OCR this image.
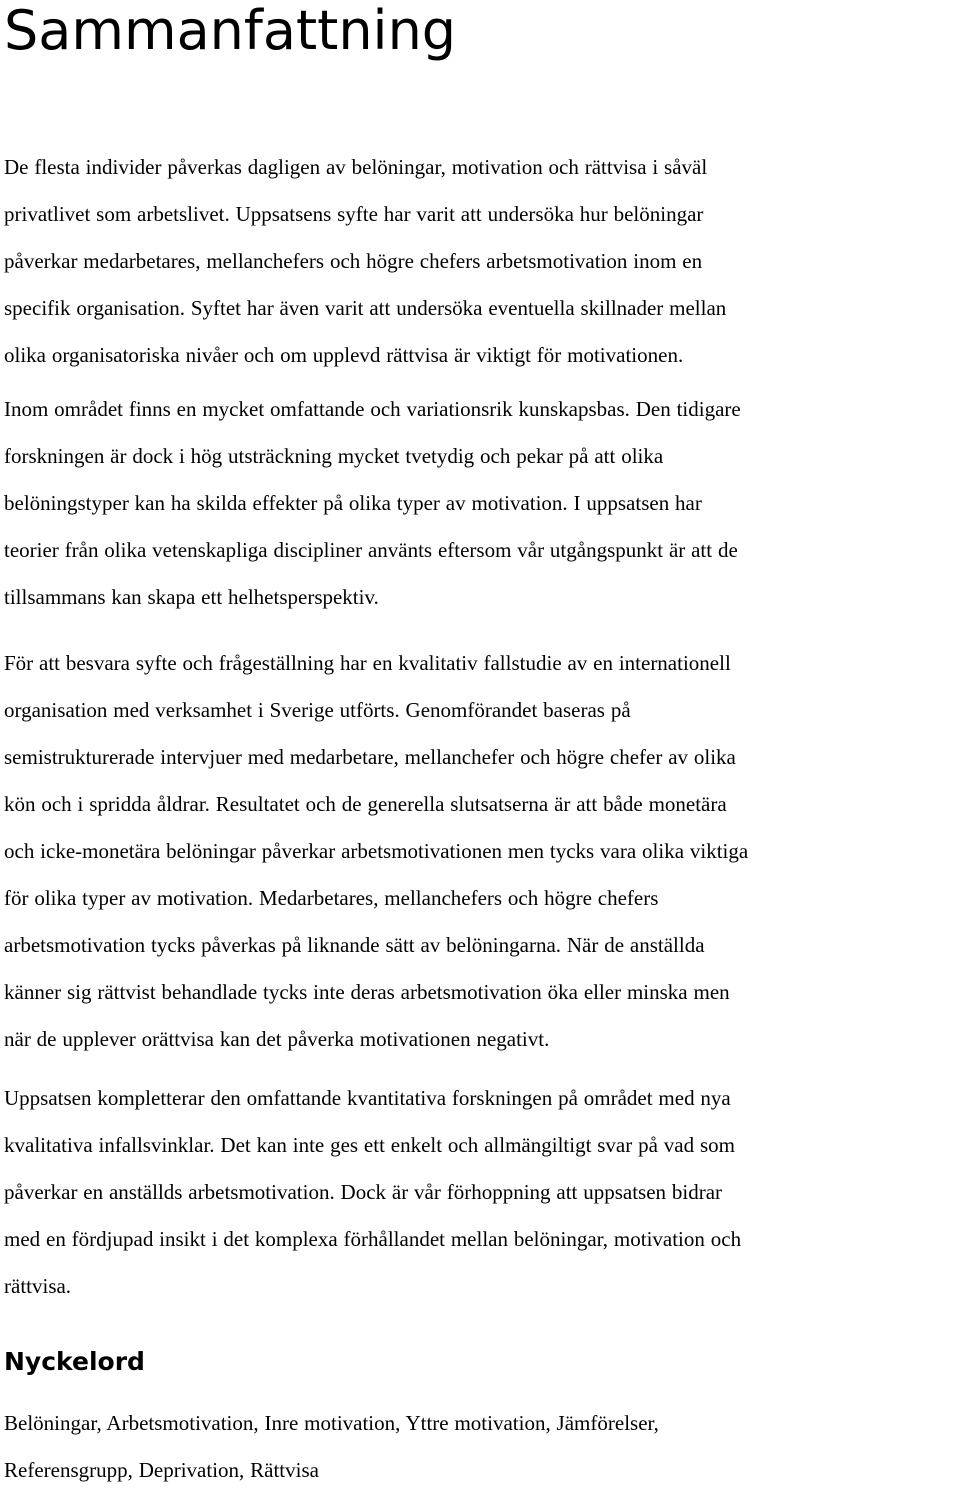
Sammanfattning
De flesta individer påverkas dagligen av belöningar, motivation och rättvisa i såväl
privatlivet som arbetslivet. Uppsatsens syfte har varit att undersöka hur belöningar
påverkar medarbetares, mellanchefers och högre chefers arbetsmotivation inom en
specifik organisation. Syftet har även varit att undersöka eventuella skillnader mellan
olika organisatoriska nivåer och om upplevd rättvisa är viktigt för motivationen.
Inom området finns en mycket omfattande och variationsrik kunskapsbas. Den tidigare
forskningen är dock i hög utsträckning mycket tvetydig och pekar på att olika
belöningstyper kan ha skilda effekter på olika typer av motivation. I uppsatsen har
teorier från olika vetenskapliga discipliner använts eftersom vår utgångspunkt är att de
tillsammans kan skapa ett helhetsperspektiv.
För att besvara syfte och frågeställning har en kvalitativ fallstudie av en internationell
organisation med verksamhet i Sverige utförts. Genomförandet baseras på
semistrukturerade intervjuer med medarbetare, mellanchefer och högre chefer av olika
kön och i spridda åldrar. Resultatet och de generella slutsatserna är att både monetära
och icke-monetära belöningar påverkar arbetsmotivationen men tycks vara olika viktiga
för olika typer av motivation. Medarbetares, mellanchefers och högre chefers
arbetsmotivation tycks påverkas på liknande sätt av belöningarna. När de anställda
känner sig rättvist behandlade tycks inte deras arbetsmotivation öka eller minska men
när de upplever orättvisa kan det påverka motivationen negativt.
Uppsatsen kompletterar den omfattande kvantitativa forskningen på området med nya
kvalitativa infallsvinklar. Det kan inte ges ett enkelt och allmängiltigt svar på vad som
påverkar en anställds arbetsmotivation. Dock är vår förhoppning att uppsatsen bidrar
med en fördjupad insikt i det komplexa förhållandet mellan belöningar, motivation och
rättvisa.
Nyckelord
Belöningar, Arbetsmotivation, Inre motivation, Yttre motivation, Jämförelser,
Referensgrupp, Deprivation, Rättvisa
